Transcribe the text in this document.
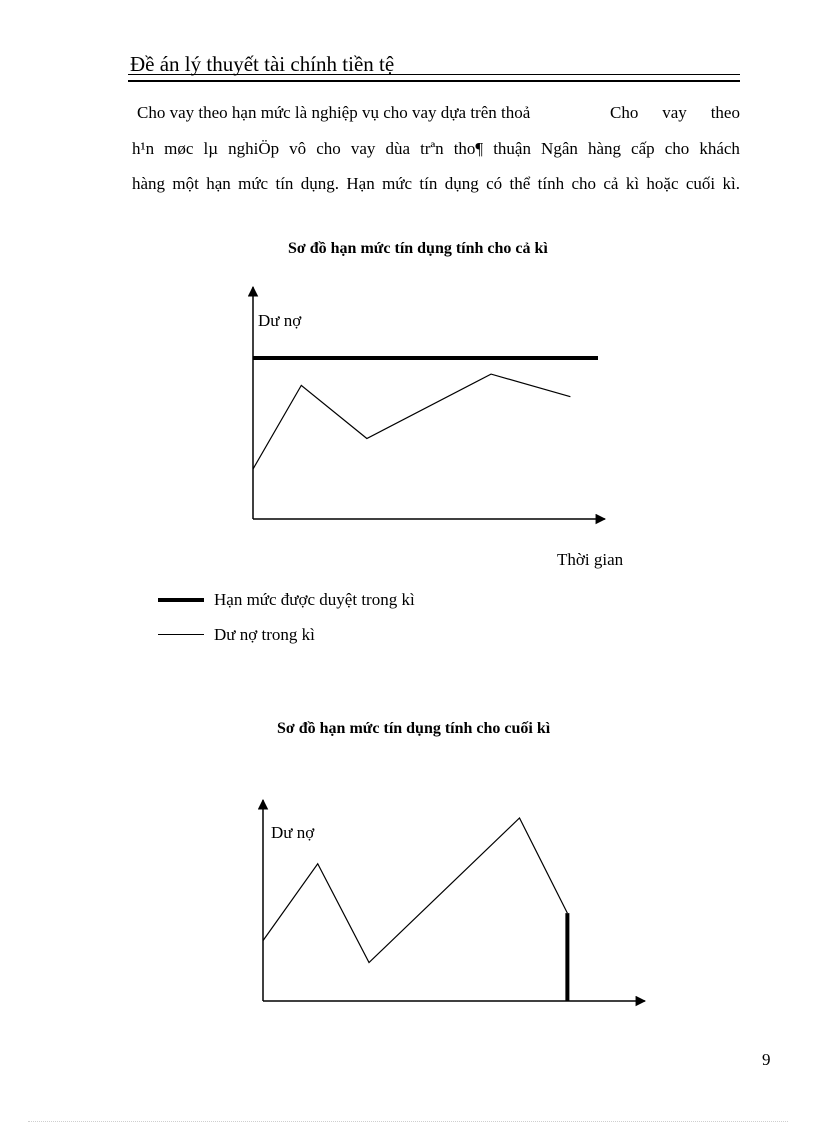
Đề án lý thuyết tài chính tiền tệ
Cho vay theo hạn mức là nghiệp vụ cho vay dựa trên thoả	Cho vay theo
h¹n møc lµ nghiÖp vô cho vay dùa trªn tho¶ thuận Ngân hàng cấp cho khách
hàng một hạn mức tín dụng. Hạn mức tín dụng có thể tính cho cả kì hoặc cuối kì.
Sơ đồ hạn mức tín dụng tính cho cả kì
Dư nợ
Thời gian
Dư nợ
Hạn mức được duyệt trong kì
Dư nợ trong kì
Sơ đồ hạn mức tín dụng tính cho cuối kì
9
